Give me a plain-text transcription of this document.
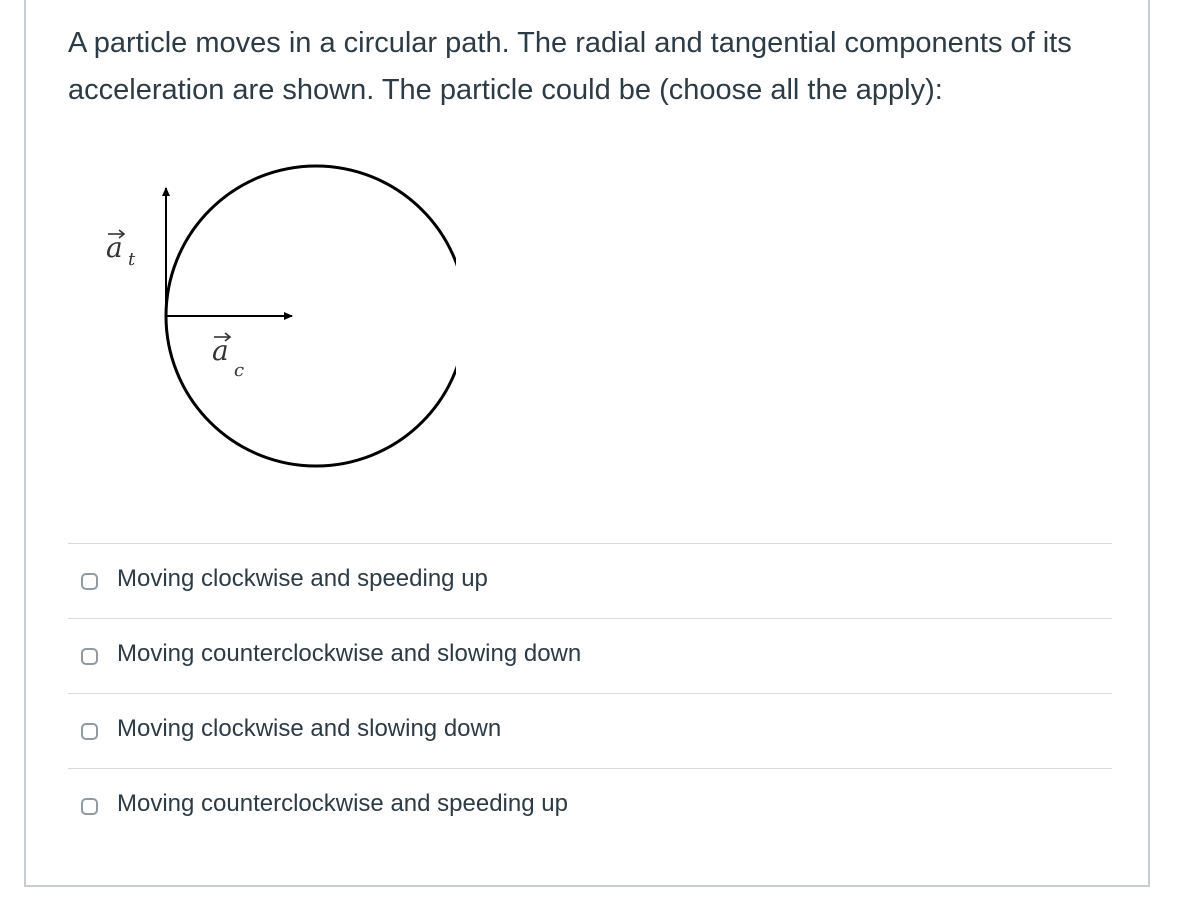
A particle moves in a circular path. The radial and tangential components of its acceleration are shown. The particle could be (choose all the apply):

a t
a
c
Moving clockwise and speeding up
Moving counterclockwise and slowing down
Moving clockwise and slowing down
Moving counterclockwise and speeding up
